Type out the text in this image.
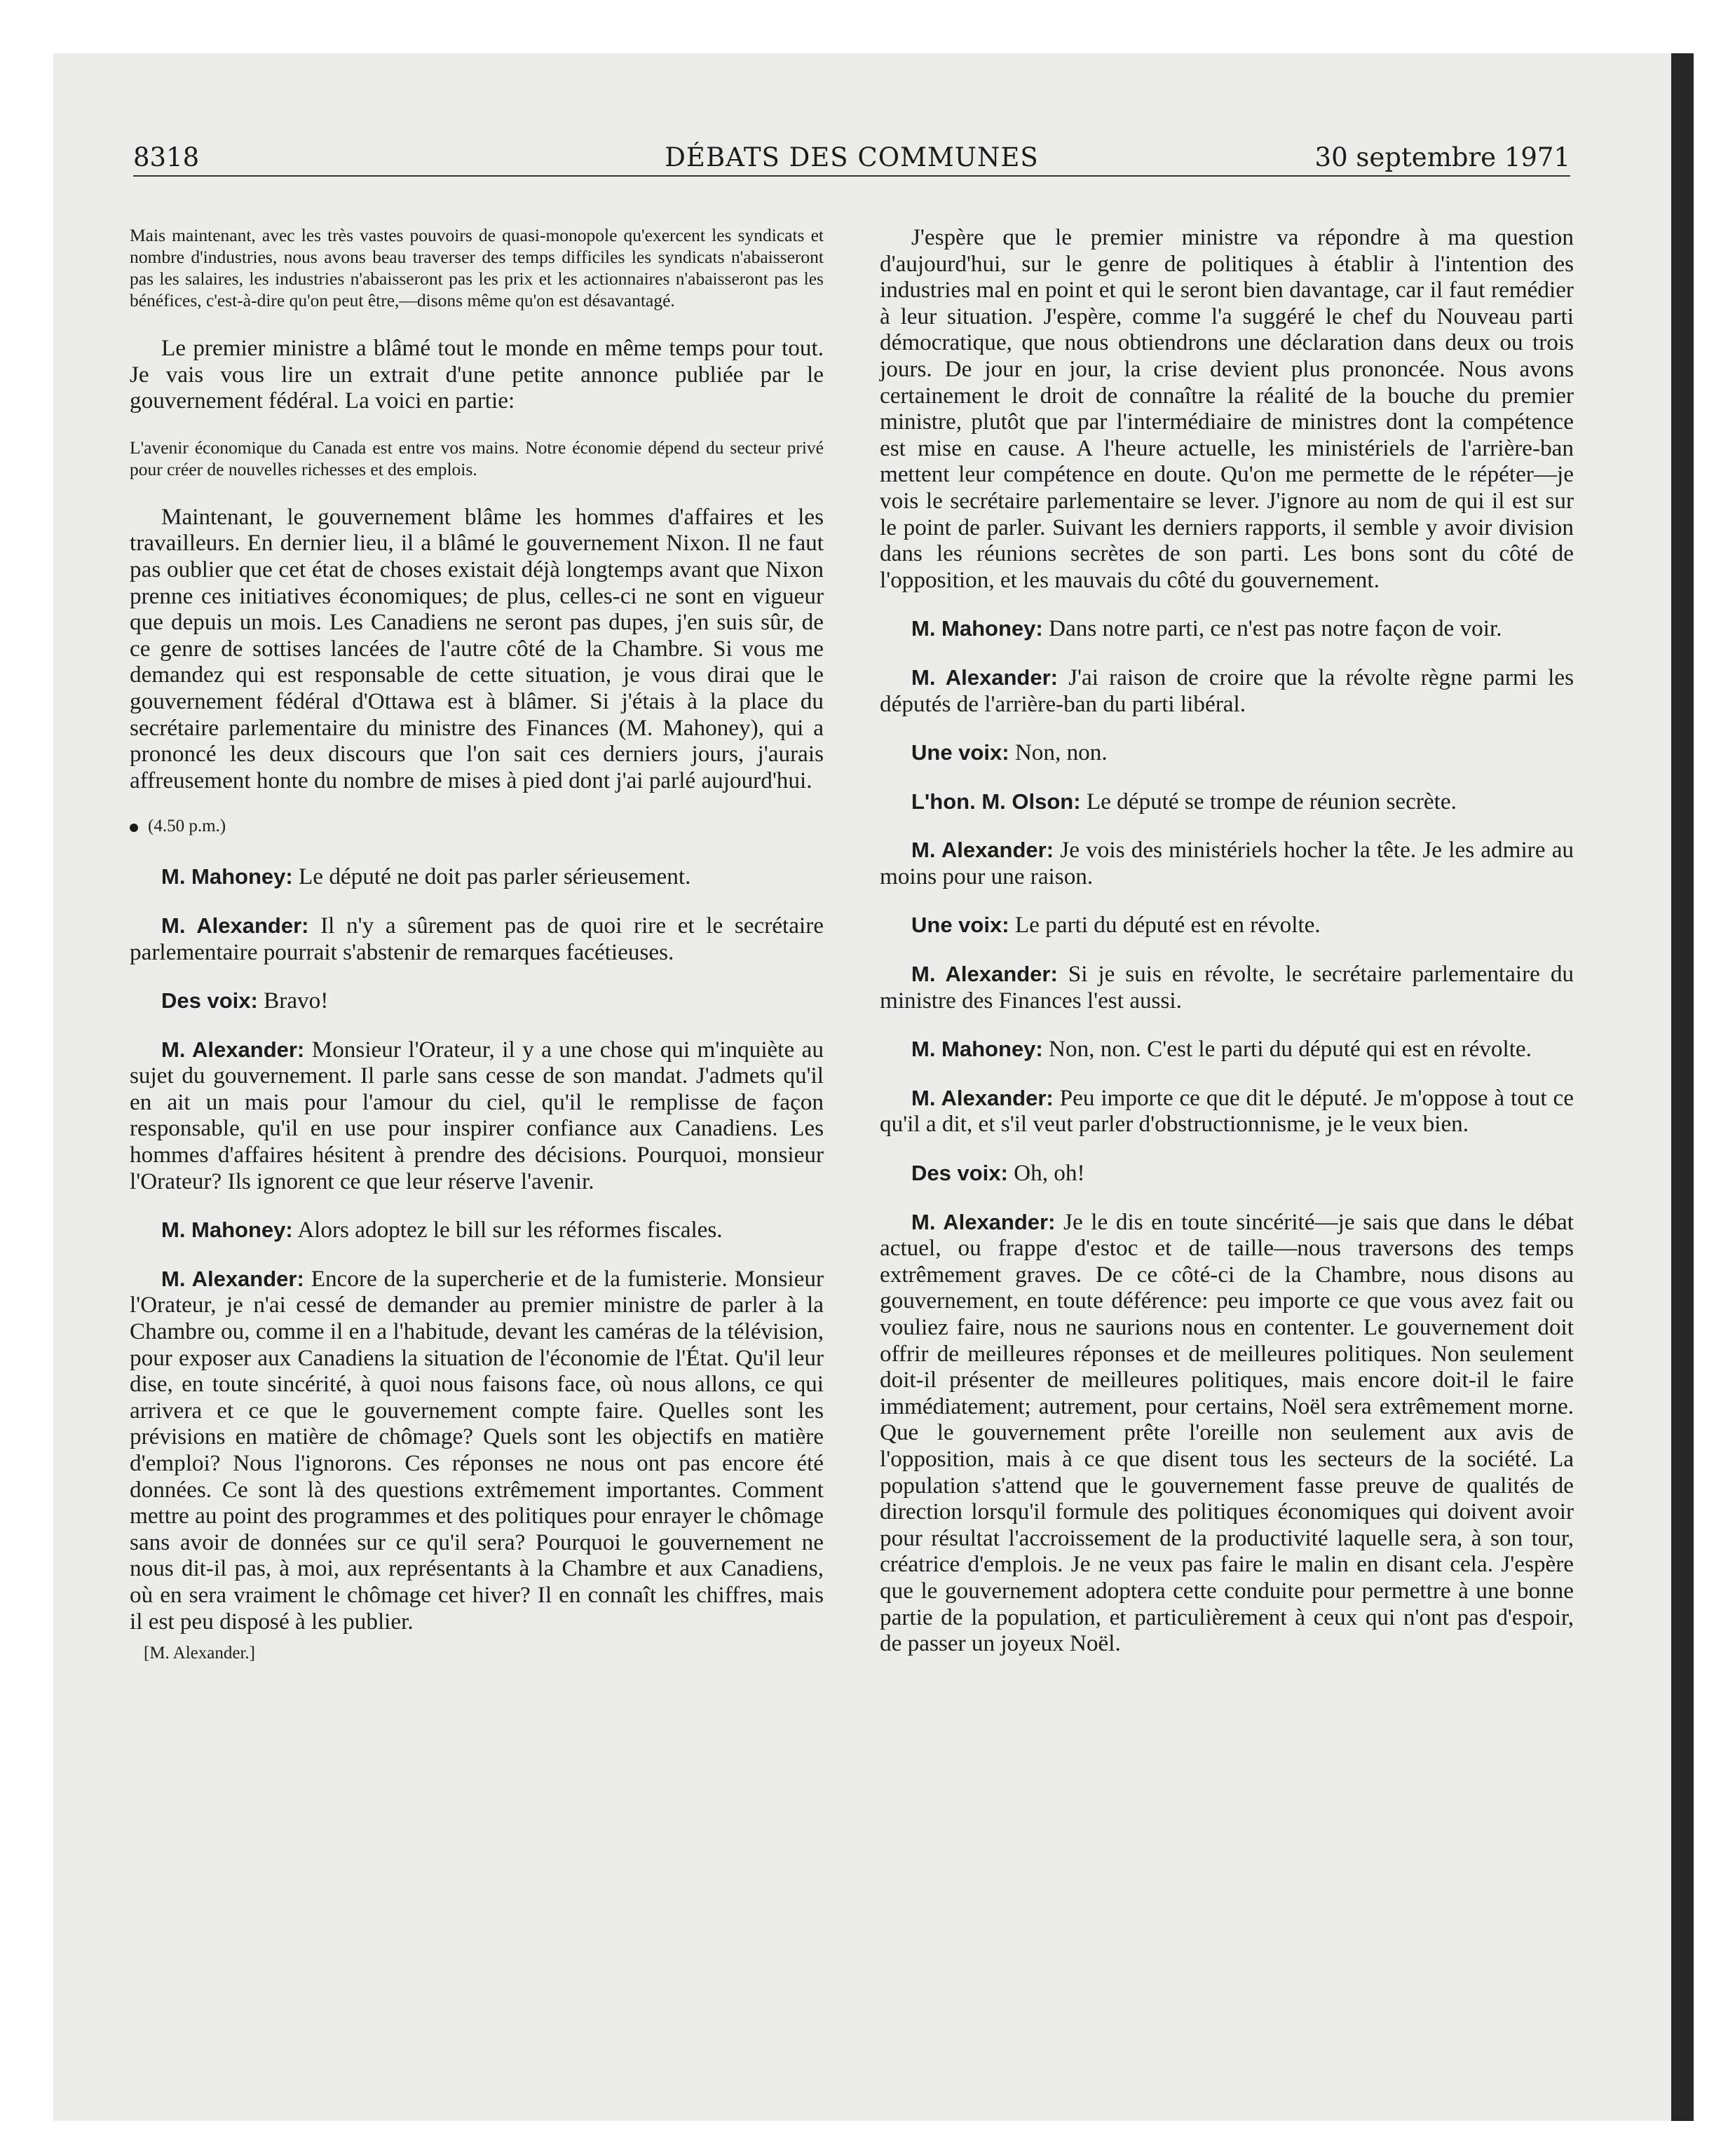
8318	DÉBATS DES COMMUNES	30 septembre 1971

Mais maintenant, avec les très vastes pouvoirs de quasi-monopole qu'exercent les syndicats et nombre d'industries, nous avons beau traverser des temps difficiles les syndicats n'abaisseront pas les salaires, les industries n'abaisseront pas les prix et les actionnaires n'abaisseront pas les bénéfices, c'est-à-dire qu'on peut être,—disons même qu'on est désavantagé.

Le premier ministre a blâmé tout le monde en même temps pour tout. Je vais vous lire un extrait d'une petite annonce publiée par le gouvernement fédéral. La voici en partie:

L'avenir économique du Canada est entre vos mains. Notre économie dépend du secteur privé pour créer de nouvelles richesses et des emplois.

Maintenant, le gouvernement blâme les hommes d'affaires et les travailleurs. En dernier lieu, il a blâmé le gouvernement Nixon. Il ne faut pas oublier que cet état de choses existait déjà longtemps avant que Nixon prenne ces initiatives économiques; de plus, celles-ci ne sont en vigueur que depuis un mois. Les Canadiens ne seront pas dupes, j'en suis sûr, de ce genre de sottises lancées de l'autre côté de la Chambre. Si vous me demandez qui est responsable de cette situation, je vous dirai que le gouvernement fédéral d'Ottawa est à blâmer. Si j'étais à la place du secrétaire parlementaire du ministre des Finances (M. Mahoney), qui a prononcé les deux discours que l'on sait ces derniers jours, j'aurais affreusement honte du nombre de mises à pied dont j'ai parlé aujourd'hui.

(4.50 p.m.)

M. Mahoney: Le député ne doit pas parler sérieusement.

M. Alexander: Il n'y a sûrement pas de quoi rire et le secrétaire parlementaire pourrait s'abstenir de remarques facétieuses.

Des voix: Bravo!

M. Alexander: Monsieur l'Orateur, il y a une chose qui m'inquiète au sujet du gouvernement. Il parle sans cesse de son mandat. J'admets qu'il en ait un mais pour l'amour du ciel, qu'il le remplisse de façon responsable, qu'il en use pour inspirer confiance aux Canadiens. Les hommes d'affaires hésitent à prendre des décisions. Pourquoi, monsieur l'Orateur? Ils ignorent ce que leur réserve l'avenir.

M. Mahoney: Alors adoptez le bill sur les réformes fiscales.

M. Alexander: Encore de la supercherie et de la fumisterie. Monsieur l'Orateur, je n'ai cessé de demander au premier ministre de parler à la Chambre ou, comme il en a l'habitude, devant les caméras de la télévision, pour exposer aux Canadiens la situation de l'économie de l'État. Qu'il leur dise, en toute sincérité, à quoi nous faisons face, où nous allons, ce qui arrivera et ce que le gouvernement compte faire. Quelles sont les prévisions en matière de chômage? Quels sont les objectifs en matière d'emploi? Nous l'ignorons. Ces réponses ne nous ont pas encore été données. Ce sont là des questions extrêmement importantes. Comment mettre au point des programmes et des politiques pour enrayer le chômage sans avoir de données sur ce qu'il sera? Pourquoi le gouvernement ne nous dit-il pas, à moi, aux représentants à la Chambre et aux Canadiens, où en sera vraiment le chômage cet hiver? Il en connaît les chiffres, mais il est peu disposé à les publier.

[M. Alexander.]

J'espère que le premier ministre va répondre à ma question d'aujourd'hui, sur le genre de politiques à établir à l'intention des industries mal en point et qui le seront bien davantage, car il faut remédier à leur situation. J'espère, comme l'a suggéré le chef du Nouveau parti démocratique, que nous obtiendrons une déclaration dans deux ou trois jours. De jour en jour, la crise devient plus prononcée. Nous avons certainement le droit de connaître la réalité de la bouche du premier ministre, plutôt que par l'intermédiaire de ministres dont la compétence est mise en cause. A l'heure actuelle, les ministériels de l'arrière-ban mettent leur compétence en doute. Qu'on me permette de le répéter—je vois le secrétaire parlementaire se lever. J'ignore au nom de qui il est sur le point de parler. Suivant les derniers rapports, il semble y avoir division dans les réunions secrètes de son parti. Les bons sont du côté de l'opposition, et les mauvais du côté du gouvernement.

M. Mahoney: Dans notre parti, ce n'est pas notre façon de voir.

M. Alexander: J'ai raison de croire que la révolte règne parmi les députés de l'arrière-ban du parti libéral.

Une voix: Non, non.

L'hon. M. Olson: Le député se trompe de réunion secrète.

M. Alexander: Je vois des ministériels hocher la tête. Je les admire au moins pour une raison.

Une voix: Le parti du député est en révolte.

M. Alexander: Si je suis en révolte, le secrétaire parlementaire du ministre des Finances l'est aussi.

M. Mahoney: Non, non. C'est le parti du député qui est en révolte.

M. Alexander: Peu importe ce que dit le député. Je m'oppose à tout ce qu'il a dit, et s'il veut parler d'obstructionnisme, je le veux bien.

Des voix: Oh, oh!

M. Alexander: Je le dis en toute sincérité—je sais que dans le débat actuel, ou frappe d'estoc et de taille—nous traversons des temps extrêmement graves. De ce côté-ci de la Chambre, nous disons au gouvernement, en toute déférence: peu importe ce que vous avez fait ou vouliez faire, nous ne saurions nous en contenter. Le gouvernement doit offrir de meilleures réponses et de meilleures politiques. Non seulement doit-il présenter de meilleures politiques, mais encore doit-il le faire immédiatement; autrement, pour certains, Noël sera extrêmement morne. Que le gouvernement prête l'oreille non seulement aux avis de l'opposition, mais à ce que disent tous les secteurs de la société. La population s'attend que le gouvernement fasse preuve de qualités de direction lorsqu'il formule des politiques économiques qui doivent avoir pour résultat l'accroissement de la productivité laquelle sera, à son tour, créatrice d'emplois. Je ne veux pas faire le malin en disant cela. J'espère que le gouvernement adoptera cette conduite pour permettre à une bonne partie de la population, et particulièrement à ceux qui n'ont pas d'espoir, de passer un joyeux Noël.
